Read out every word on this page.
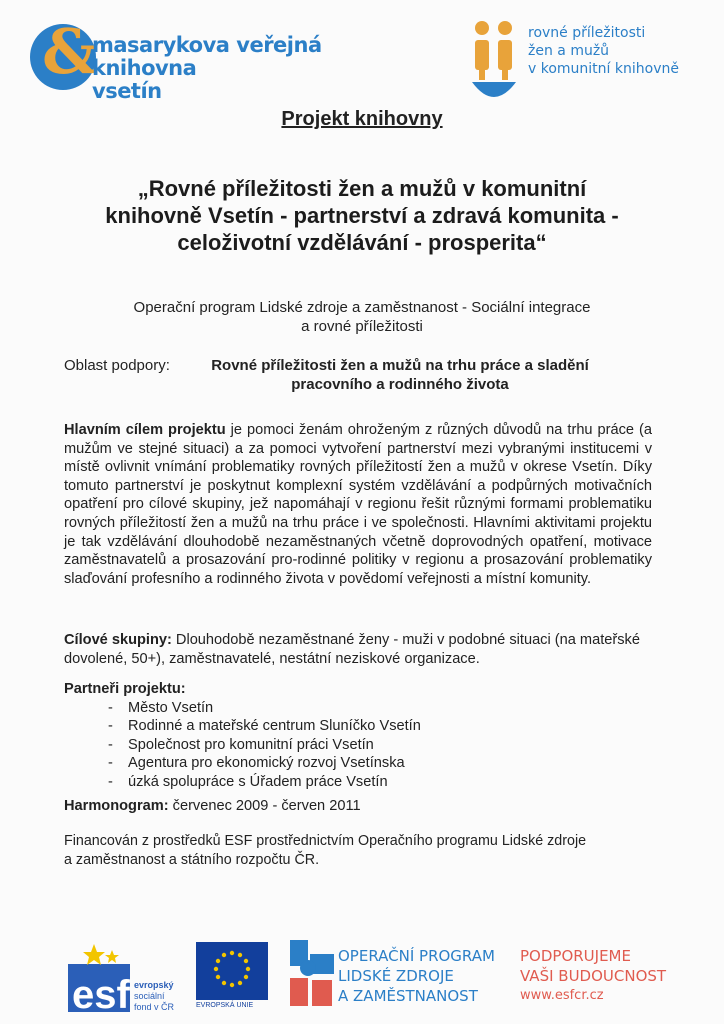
&
masarykova veřejná knihovna
vsetín
rovné příležitosti
žen a mužů
v komunitní knihovně
Projekt knihovny
„Rovné příležitosti žen a mužů v komunitní
knihovně Vsetín - partnerství a zdravá komunita -
celoživotní vzdělávání - prosperita“
Operační program Lidské zdroje a zaměstnanost - Sociální integrace
a rovné příležitosti
Oblast podpory:	Rovné příležitosti žen a mužů na trhu práce a sladění
pracovního a rodinného života
Hlavním cílem projektu je pomoci ženám ohroženým z různých důvodů na trhu práce (a mužům ve stejné situaci) a za pomoci vytvoření partnerství mezi vybranými institucemi v místě ovlivnit vnímání problematiky rovných příležitostí žen a mužů v okrese Vsetín. Díky tomuto partnerství je poskytnut komplexní systém vzdělávání a podpůrných motivačních opatření pro cílové skupiny, jež napomáhají v regionu řešit různými formami problematiku rovných příležitostí žen a mužů na trhu práce i ve společnosti. Hlavními aktivitami projektu je tak vzdělávání dlouhodobě nezaměstnaných včetně doprovodných opatření, motivace zaměstnavatelů a prosazování pro-rodinné politiky v regionu a prosazování problematiky slaďování profesního a rodinného života v povědomí veřejnosti a místní komunity.
Cílové skupiny: Dlouhodobě nezaměstnané ženy - muži v podobné situaci (na mateřské dovolené, 50+), zaměstnavatelé, nestátní neziskové organizace.
Partneři projektu:
- Město Vsetín
- Rodinné a mateřské centrum Sluníčko Vsetín
- Společnost pro komunitní práci Vsetín
- Agentura pro ekonomický rozvoj Vsetínska
- úzká spolupráce s Úřadem práce Vsetín
Harmonogram: červenec 2009 - červen 2011
Financován z prostředků ESF prostřednictvím Operačního programu Lidské zdroje
a zaměstnanost a státního rozpočtu ČR.
esf evropský
sociální
fond v ČR	EVROPSKÁ UNIE
OPERAČNÍ PROGRAM
LIDSKÉ ZDROJE
A ZAMĚSTNANOST
PODPORUJEME
VAŠI BUDOUCNOST
www.esfcr.cz
